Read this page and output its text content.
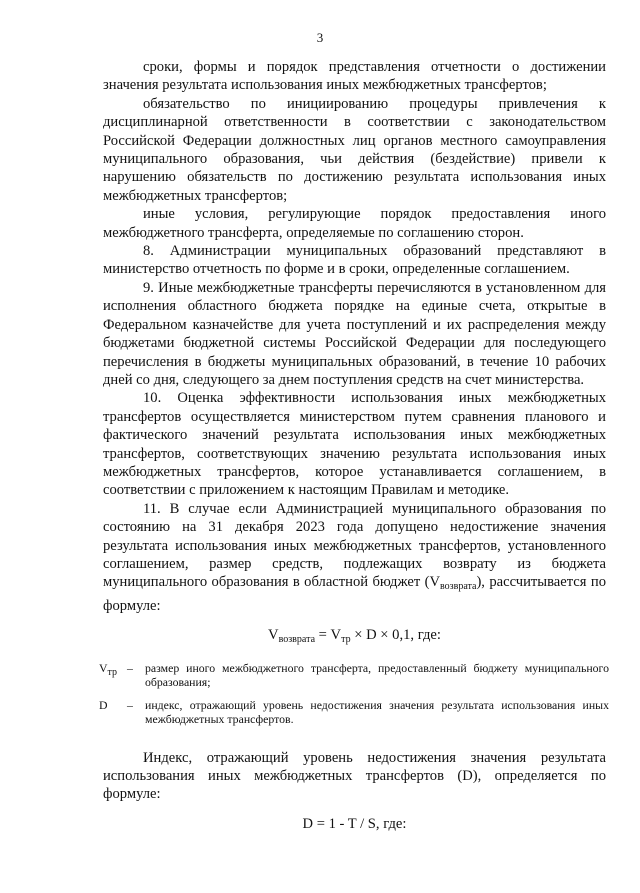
3

сроки, формы и порядок представления отчетности о достижении значения результата использования иных межбюджетных трансфертов;

обязательство по инициированию процедуры привлечения к дисциплинарной ответственности в соответствии с законодательством Российской Федерации должностных лиц органов местного самоуправления муниципального образования, чьи действия (бездействие) привели к нарушению обязательств по достижению результата использования иных межбюджетных трансфертов;

иные условия, регулирующие порядок предоставления иного межбюджетного трансферта, определяемые по соглашению сторон.

8. Администрации муниципальных образований представляют в министерство отчетность по форме и в сроки, определенные соглашением.

9. Иные межбюджетные трансферты перечисляются в установленном для исполнения областного бюджета порядке на единые счета, открытые в Федеральном казначействе для учета поступлений и их распределения между бюджетами бюджетной системы Российской Федерации для последующего перечисления в бюджеты муниципальных образований, в течение 10 рабочих дней со дня, следующего за днем поступления средств на счет министерства.

10. Оценка эффективности использования иных межбюджетных трансфертов осуществляется министерством путем сравнения планового и фактического значений результата использования иных межбюджетных трансфертов, соответствующих значению результата использования иных межбюджетных трансфертов, которое устанавливается соглашением, в соответствии с приложением к настоящим Правилам и методике.

11. В случае если Администрацией муниципального образования по состоянию на 31 декабря 2023 года допущено недостижение значения результата использования иных межбюджетных трансфертов, установленного соглашением, размер средств, подлежащих возврату из бюджета муниципального образования в областной бюджет $(V_{возврата})$, рассчитывается по формуле:

$V_{возврата} = V_{тр} \times D \times 0,1$, где:
$V_{тр}$ –	размер иного межбюджетного трансферта, предоставленный бюджету муниципального образования;
D	–	индекс, отражающий уровень недостижения значения результата использования иных межбюджетных трансфертов.

Индекс, отражающий уровень недостижения значения результата использования иных межбюджетных трансфертов (D), определяется по формуле:

D = 1 - T / S, где:
